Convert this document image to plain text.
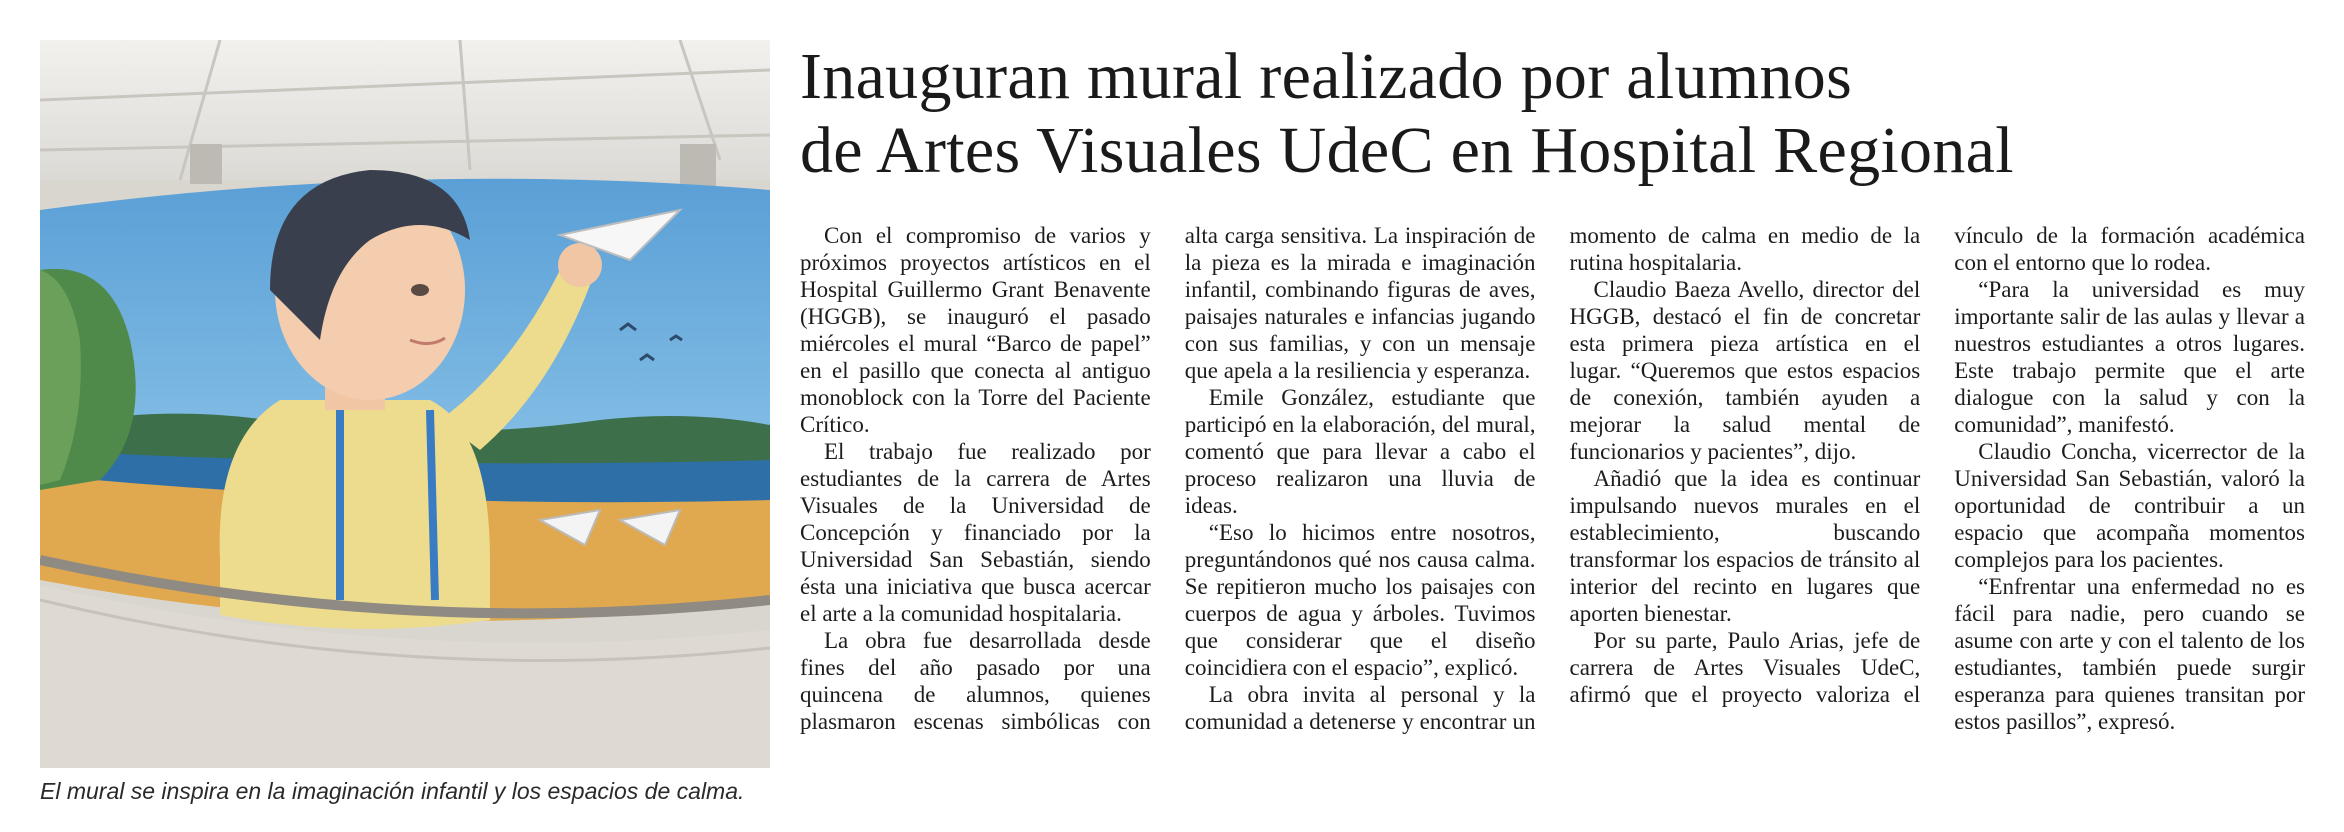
El mural se inspira en la imaginación infantil y los espacios de calma.
Inauguran mural realizado por alumnos
de Artes Visuales UdeC en Hospital Regional

Con el compromiso de varios y próximos proyectos artísticos en el Hospital Guillermo Grant Benavente (HGGB), se inauguró el pasado miércoles el mural “Barco de papel” en el pasillo que conecta al antiguo monoblock con la Torre del Paciente Crítico.

El trabajo fue realizado por estudiantes de la carrera de Artes Visuales de la Universidad de Concepción y financiado por la Universidad San Sebastián, siendo ésta una iniciativa que busca acercar el arte a la comunidad hospitalaria.

La obra fue desarrollada desde fines del año pasado por una quincena de alumnos, quienes plasmaron escenas simbólicas con alta carga sensitiva. La inspiración de la pieza es la mirada e imaginación infantil, combinando figuras de aves, paisajes naturales e infancias jugando con sus familias, y con un mensaje que apela a la resiliencia y esperanza.

Emile González, estudiante que participó en la elaboración, del mural, comentó que para llevar a cabo el proceso realizaron una lluvia de ideas.

“Eso lo hicimos entre nosotros, preguntándonos qué nos causa calma. Se repitieron mucho los paisajes con cuerpos de agua y árboles. Tuvimos que considerar que el diseño coincidiera con el espacio”, explicó.

La obra invita al personal y la comunidad a detenerse y encontrar un momento de calma en medio de la rutina hospitalaria.

Claudio Baeza Avello, director del HGGB, destacó el fin de concretar esta primera pieza artística en el lugar. “Queremos que estos espacios de conexión, también ayuden a mejorar la salud mental de funcionarios y pacientes”, dijo.

Añadió que la idea es continuar impulsando nuevos murales en el establecimiento, buscando transformar los espacios de tránsito al interior del recinto en lugares que aporten bienestar.

Por su parte, Paulo Arias, jefe de carrera de Artes Visuales UdeC, afirmó que el proyecto valoriza el vínculo de la formación académica con el entorno que lo rodea.

“Para la universidad es muy importante salir de las aulas y llevar a nuestros estudiantes a otros lugares. Este trabajo permite que el arte dialogue con la salud y con la comunidad”, manifestó.

Claudio Concha, vicerrector de la Universidad San Sebastián, valoró la oportunidad de contribuir a un espacio que acompaña momentos complejos para los pacientes.

“Enfrentar una enfermedad no es fácil para nadie, pero cuando se asume con arte y con el talento de los estudiantes, también puede surgir esperanza para quienes transitan por estos pasillos”, expresó.
